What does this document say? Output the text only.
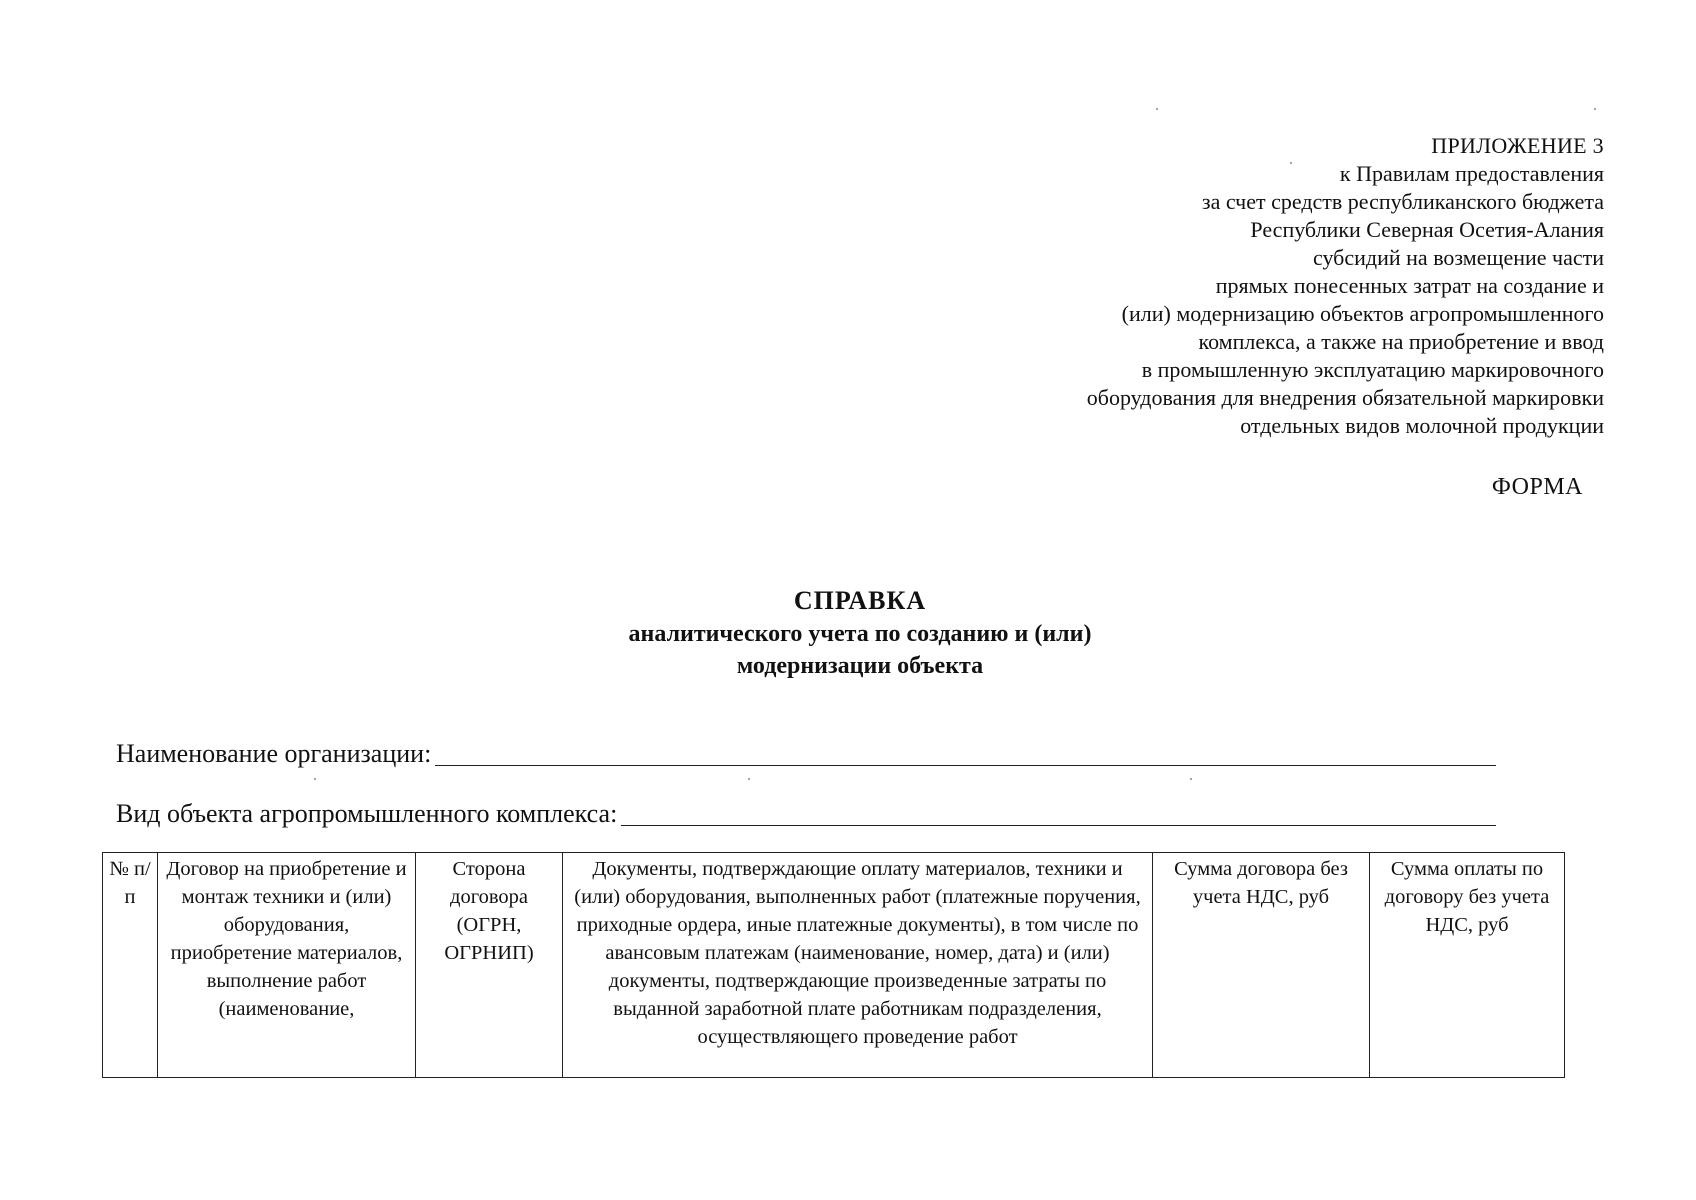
ПРИЛОЖЕНИЕ 3
к Правилам предоставления
за счет средств республиканского бюджета
Республики Северная Осетия-Алания
субсидий на возмещение части
прямых понесенных затрат на создание и
(или) модернизацию объектов агропромышленного
комплекса, а также на приобретение и ввод
в промышленную эксплуатацию маркировочного
оборудования для внедрения обязательной маркировки
отдельных видов молочной продукции
ФОРМА
СПРАВКА
аналитического учета по созданию и (или)
модернизации объекта
Наименование организации:
Вид объекта агропромышленного комплекса:
№ п/п	Договор на приобретение и монтаж техники и (или) оборудования, приобретение материалов, выполнение работ (наименование,	Сторона договора (ОГРН, ОГРНИП)	Документы, подтверждающие оплату материалов, техники и (или) оборудования, выполненных работ (платежные поручения, приходные ордера, иные платежные документы), в том числе по авансовым платежам (наименование, номер, дата) и (или) документы, подтверждающие произведенные затраты по выданной заработной плате работникам подразделения, осуществляющего проведение работ	Сумма договора без учета НДС, руб	Сумма оплаты по договору без учета НДС, руб
